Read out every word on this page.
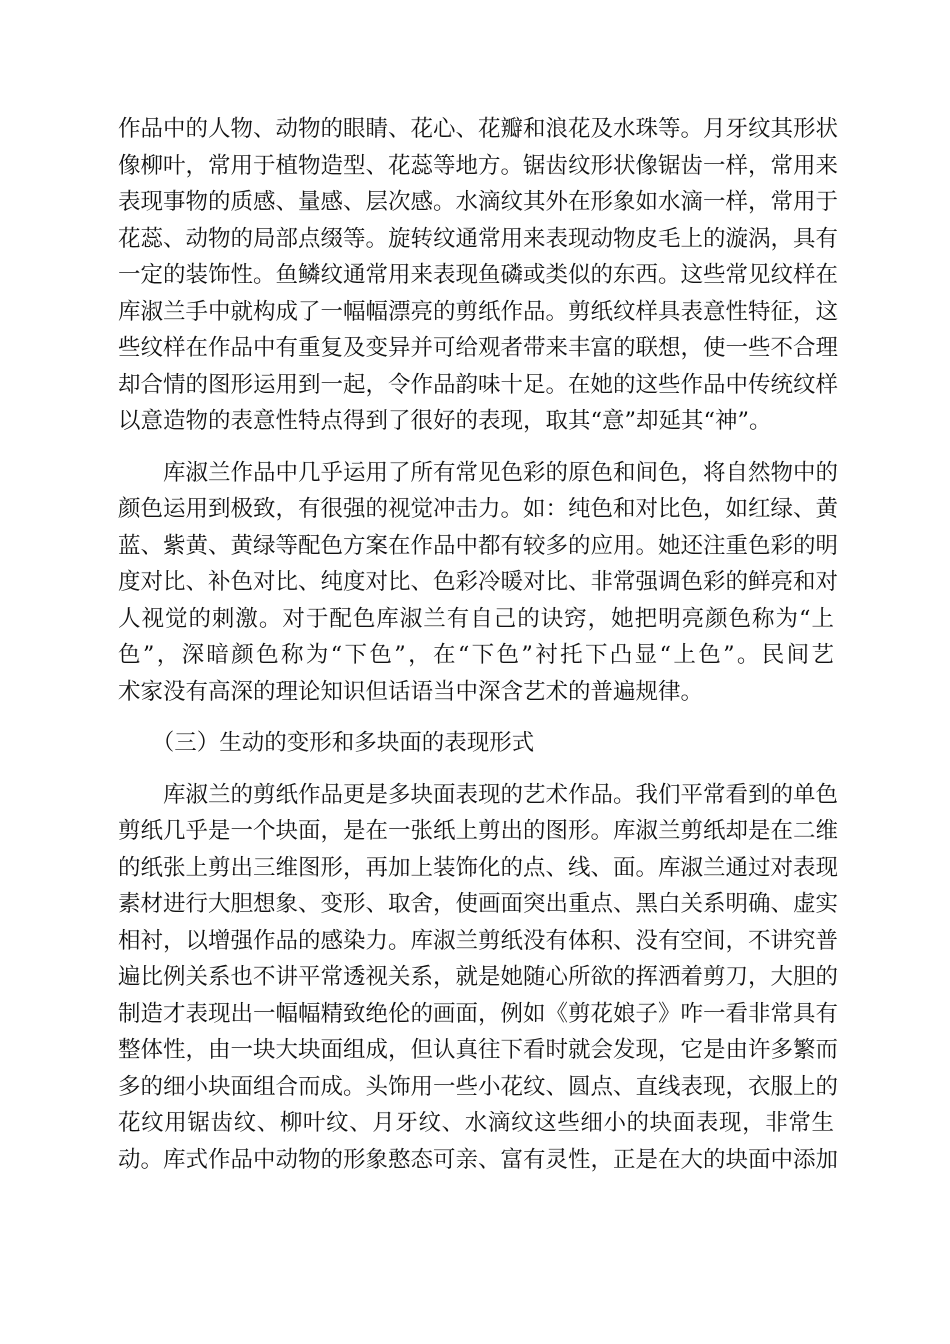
作品中的人物、动物的眼睛、花心、花瓣和浪花及水珠等。月牙纹其形状
像柳叶，常用于植物造型、花蕊等地方。锯齿纹形状像锯齿一样，常用来
表现事物的质感、量感、层次感。水滴纹其外在形象如水滴一样，常用于
花蕊、动物的局部点缀等。旋转纹通常用来表现动物皮毛上的漩涡，具有
一定的装饰性。鱼鳞纹通常用来表现鱼磷或类似的东西。这些常见纹样在
库淑兰手中就构成了一幅幅漂亮的剪纸作品。剪纸纹样具表意性特征，这
些纹样在作品中有重复及变异并可给观者带来丰富的联想，使一些不合理
却合情的图形运用到一起，令作品韵味十足。在她的这些作品中传统纹样
以意造物的表意性特点得到了很好的表现，取其“意”却延其“神”。
　　库淑兰作品中几乎运用了所有常见色彩的原色和间色，将自然物中的
颜色运用到极致，有很强的视觉冲击力。如：纯色和对比色，如红绿、黄
蓝、紫黄、黄绿等配色方案在作品中都有较多的应用。她还注重色彩的明
度对比、补色对比、纯度对比、色彩冷暖对比、非常强调色彩的鲜亮和对
人视觉的刺激。对于配色库淑兰有自己的诀窍，她把明亮颜色称为“上
色”，深暗颜色称为“下色”，在“下色”衬托下凸显“上色”。民间艺
术家没有高深的理论知识但话语当中深含艺术的普遍规律。
　　（三）生动的变形和多块面的表现形式
　　库淑兰的剪纸作品更是多块面表现的艺术作品。我们平常看到的单色
剪纸几乎是一个块面，是在一张纸上剪出的图形。库淑兰剪纸却是在二维
的纸张上剪出三维图形，再加上装饰化的点、线、面。库淑兰通过对表现
素材进行大胆想象、变形、取舍，使画面突出重点、黑白关系明确、虚实
相衬，以增强作品的感染力。库淑兰剪纸没有体积、没有空间，不讲究普
遍比例关系也不讲平常透视关系，就是她随心所欲的挥洒着剪刀，大胆的
制造才表现出一幅幅精致绝伦的画面，例如《剪花娘子》咋一看非常具有
整体性，由一块大块面组成，但认真往下看时就会发现，它是由许多繁而
多的细小块面组合而成。头饰用一些小花纹、圆点、直线表现，衣服上的
花纹用锯齿纹、柳叶纹、月牙纹、水滴纹这些细小的块面表现，非常生
动。库式作品中动物的形象憨态可亲、富有灵性，正是在大的块面中添加
